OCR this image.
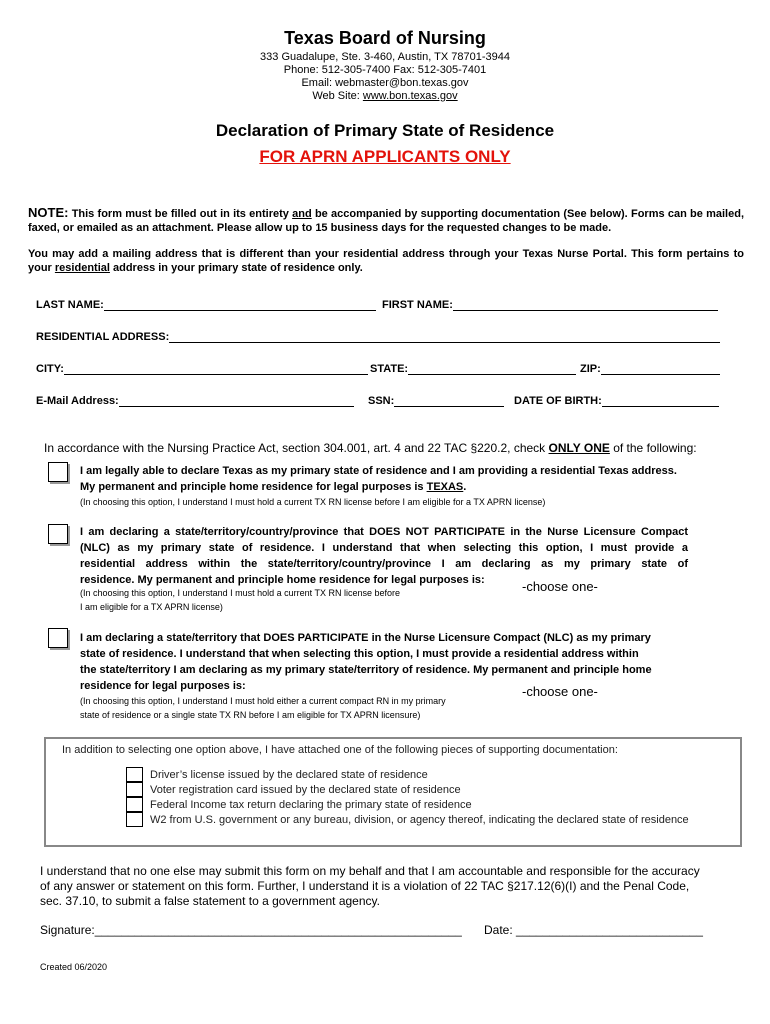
Texas Board of Nursing
333 Guadalupe, Ste. 3-460, Austin, TX 78701-3944
Phone: 512-305-7400 Fax: 512-305-7401
Email: webmaster@bon.texas.gov
Web Site: www.bon.texas.gov
Declaration of Primary State of Residence
FOR APRN APPLICANTS ONLY
NOTE: This form must be filled out in its entirety and be accompanied by supporting documentation (See below). Forms can be mailed, faxed, or emailed as an attachment. Please allow up to 15 business days for the requested changes to be made.
You may add a mailing address that is different than your residential address through your Texas Nurse Portal. This form pertains to your residential address in your primary state of residence only.
LAST NAME:	FIRST NAME:
RESIDENTIAL ADDRESS:
CITY:	STATE:	ZIP:
E-Mail Address:	SSN:	DATE OF BIRTH:
In accordance with the Nursing Practice Act, section 304.001, art. 4 and 22 TAC §220.2, check ONLY ONE of the following:
I am legally able to declare Texas as my primary state of residence and I am providing a residential Texas address.
My permanent and principle home residence for legal purposes is TEXAS.
(In choosing this option, I understand I must hold a current TX RN license before I am eligible for a TX APRN license)
I am declaring a state/territory/country/province that DOES NOT PARTICIPATE in the Nurse Licensure Compact
(NLC) as my primary state of residence. I understand that when selecting this option, I must provide a
residential address within the state/territory/country/province I am declaring as my primary state of
residence. My permanent and principle home residence for legal purposes is:
(In choosing this option, I understand I must hold a current TX RN license before
I am eligible for a TX APRN license)
-choose one-
I am declaring a state/territory that DOES PARTICIPATE in the Nurse Licensure Compact (NLC) as my primary
state of residence. I understand that when selecting this option, I must provide a residential address within
the state/territory I am declaring as my primary state/territory of residence. My permanent and principle home
residence for legal purposes is:
(In choosing this option, I understand I must hold either a current compact RN in my primary
state of residence or a single state TX RN before I am eligible for TX APRN licensure)
-choose one-
In addition to selecting one option above, I have attached one of the following pieces of supporting documentation:
Driver’s license issued by the declared state of residence
Voter registration card issued by the declared state of residence
Federal Income tax return declaring the primary state of residence
W2 from U.S. government or any bureau, division, or agency thereof, indicating the declared state of residence
I understand that no one else may submit this form on my behalf and that I am accountable and responsible for the accuracy
of any answer or statement on this form. Further, I understand it is a violation of 22 TAC §217.12(6)(I) and the Penal Code,
sec. 37.10, to submit a false statement to a government agency.
Signature:_______________________________________________________ Date: ____________________________
Created 06/2020
